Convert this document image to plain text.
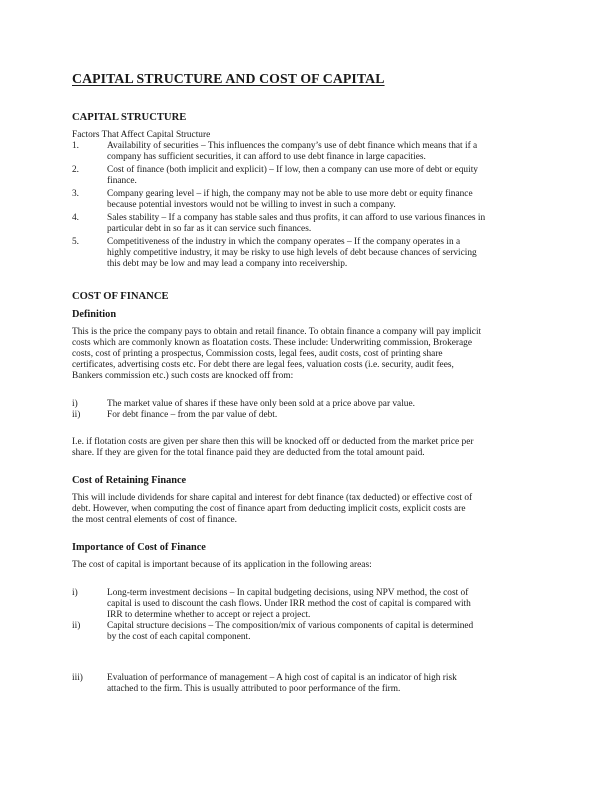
CAPITAL STRUCTURE AND COST OF CAPITAL
CAPITAL STRUCTURE
Factors That Affect Capital Structure
1.	Availability of securities – This influences the company’s use of debt finance which means that if a
company has sufficient securities, it can afford to use debt finance in large capacities.
2.	Cost of finance (both implicit and explicit) – If low, then a company can use more of debt or equity
finance.
3.	Company gearing level – if high, the company may not be able to use more debt or equity finance
because potential investors would not be willing to invest in such a company.
4.	Sales stability – If a company has stable sales and thus profits, it can afford to use various finances in
particular debt in so far as it can service such finances.
5.	Competitiveness of the industry in which the company operates – If the company operates in a
highly competitive industry, it may be risky to use high levels of debt because chances of servicing
this debt may be low and may lead a company into receivership.
COST OF FINANCE
Definition
This is the price the company pays to obtain and retail finance. To obtain finance a company will pay implicit
costs which are commonly known as floatation costs. These include: Underwriting commission, Brokerage
costs, cost of printing a prospectus, Commission costs, legal fees, audit costs, cost of printing share
certificates, advertising costs etc. For debt there are legal fees, valuation costs (i.e. security, audit fees,
Bankers commission etc.) such costs are knocked off from:
i)	The market value of shares if these have only been sold at a price above par value.
ii)	For debt finance – from the par value of debt.
I.e. if flotation costs are given per share then this will be knocked off or deducted from the market price per
share. If they are given for the total finance paid they are deducted from the total amount paid.
Cost of Retaining Finance
This will include dividends for share capital and interest for debt finance (tax deducted) or effective cost of
debt. However, when computing the cost of finance apart from deducting implicit costs, explicit costs are
the most central elements of cost of finance.
Importance of Cost of Finance
The cost of capital is important because of its application in the following areas:
i)	Long-term investment decisions – In capital budgeting decisions, using NPV method, the cost of
capital is used to discount the cash flows. Under IRR method the cost of capital is compared with
IRR to determine whether to accept or reject a project.
ii)	Capital structure decisions – The composition/mix of various components of capital is determined
by the cost of each capital component.
iii)	Evaluation of performance of management – A high cost of capital is an indicator of high risk
attached to the firm. This is usually attributed to poor performance of the firm.
